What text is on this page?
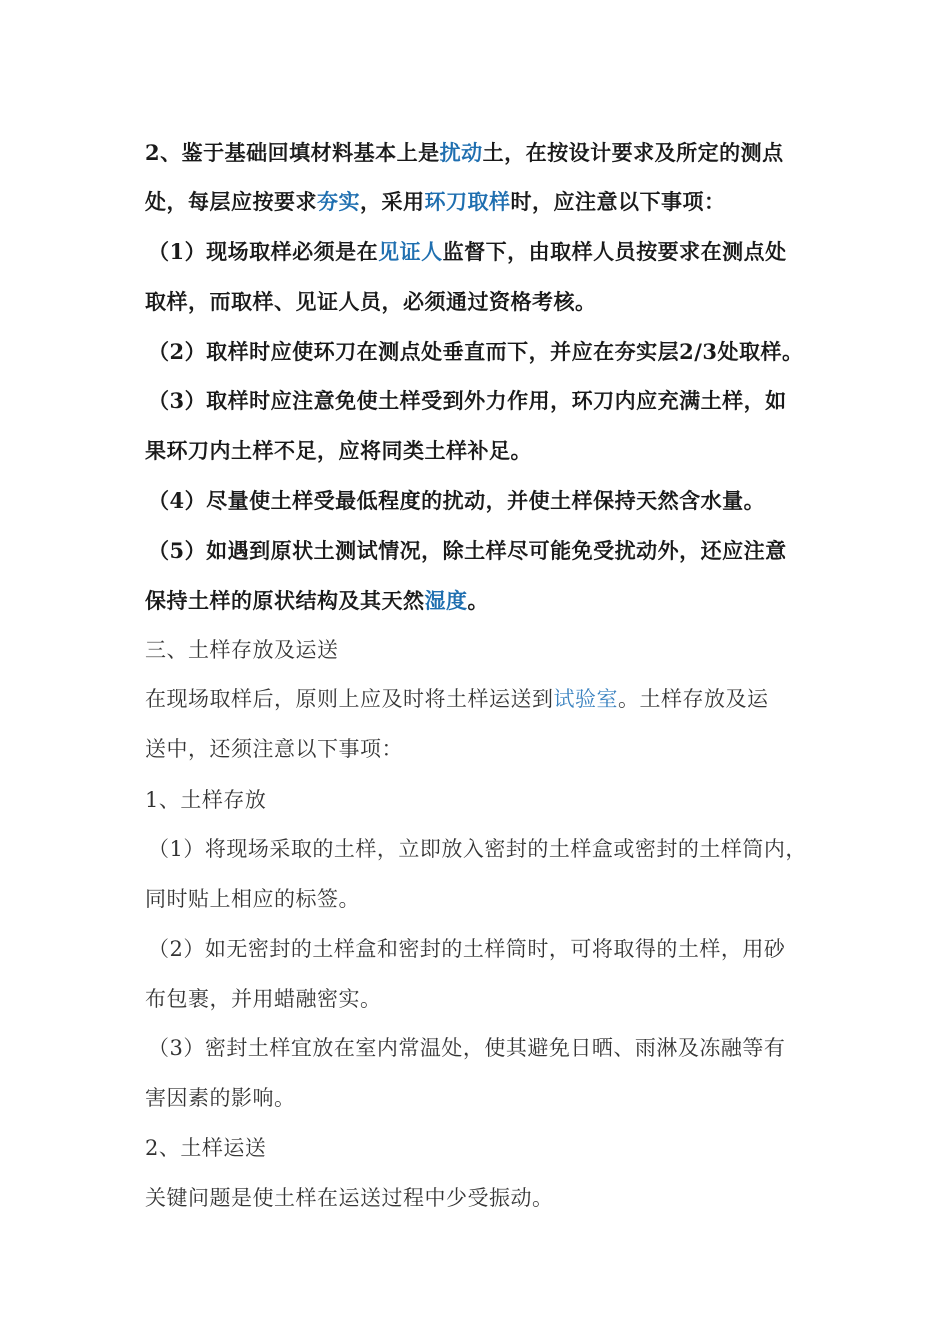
2、鉴于基础回填材料基本上是扰动土，在按设计要求及所定的测点
处，每层应按要求夯实，采用环刀取样时，应注意以下事项：
（1）现场取样必须是在见证人监督下，由取样人员按要求在测点处
取样，而取样、见证人员，必须通过资格考核。
（2）取样时应使环刀在测点处垂直而下，并应在夯实层2/3处取样。
（3）取样时应注意免使土样受到外力作用，环刀内应充满土样，如
果环刀内土样不足，应将同类土样补足。
（4）尽量使土样受最低程度的扰动，并使土样保持天然含水量。
（5）如遇到原状土测试情况，除土样尽可能免受扰动外，还应注意
保持土样的原状结构及其天然湿度。
三、土样存放及运送
在现场取样后，原则上应及时将土样运送到试验室。土样存放及运
送中，还须注意以下事项：
1、土样存放
（1）将现场采取的土样，立即放入密封的土样盒或密封的土样筒内，
同时贴上相应的标签。
（2）如无密封的土样盒和密封的土样筒时，可将取得的土样，用砂
布包裹，并用蜡融密实。
（3）密封土样宜放在室内常温处，使其避免日晒、雨淋及冻融等有
害因素的影响。
2、土样运送
关键问题是使土样在运送过程中少受振动。
